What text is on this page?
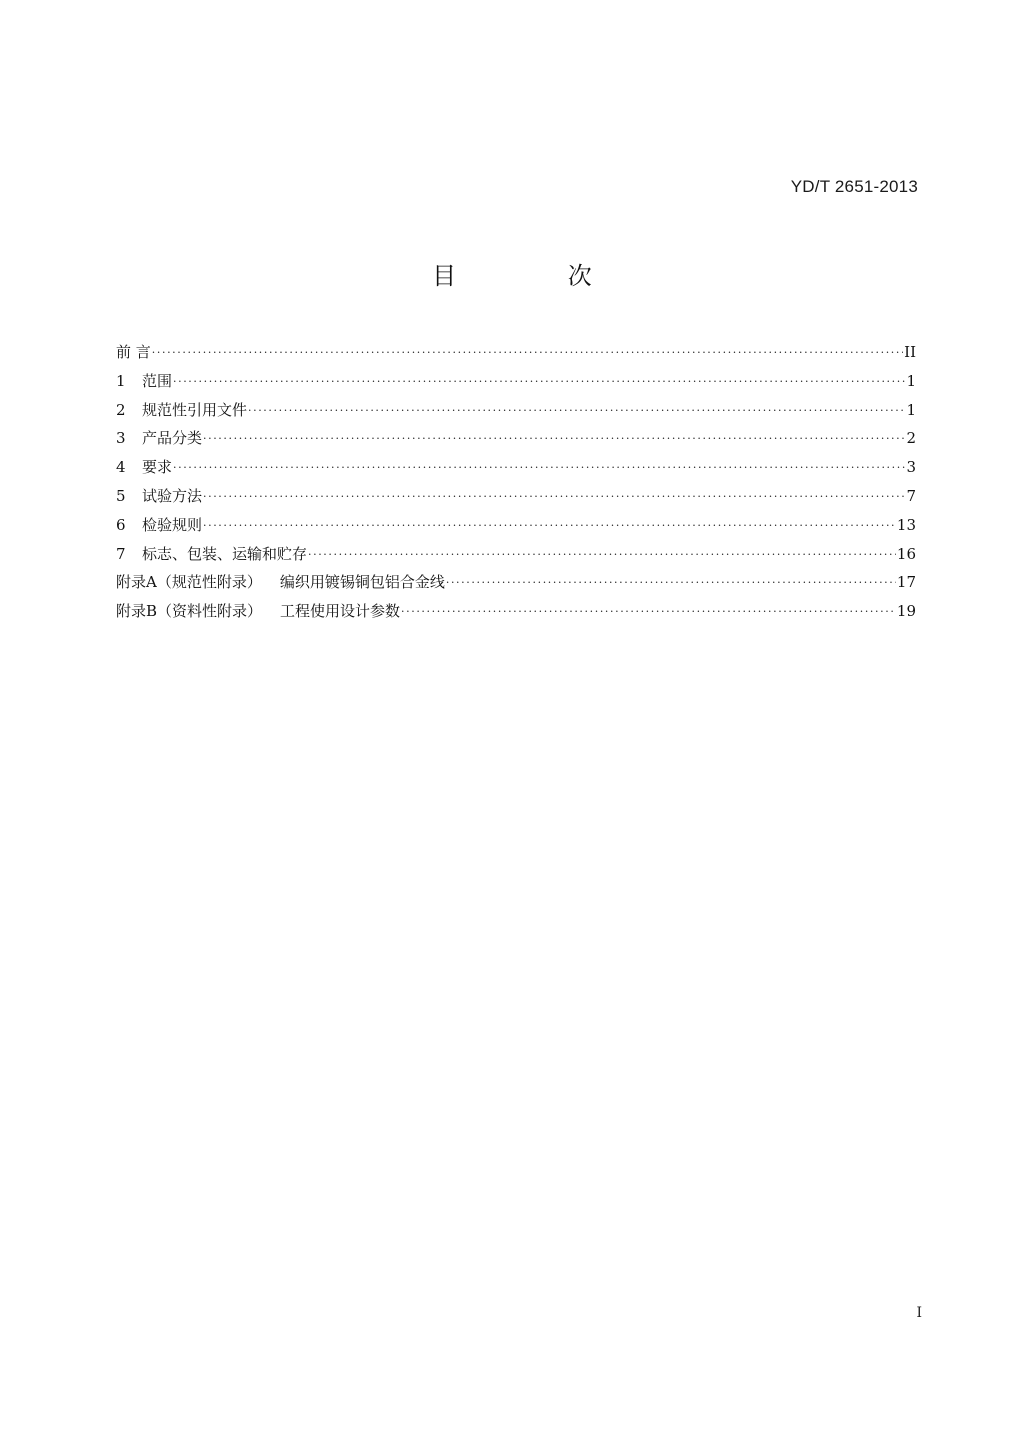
YD/T 2651-2013
目 次
前 言 ·····	II
1	范围 ·····	1
2	规范性引用文件 ·····	1
3	产品分类 ·····	2
4	要求 ·····	3
5	试验方法 ·····	7
6	检验规则 ·····	13
7	标志、包装、运输和贮存 ·····	16
附录A（规范性附录） 编织用镀锡铜包铝合金线 ·····	17
附录B（资料性附录） 工程使用设计参数 ·····	19
I
